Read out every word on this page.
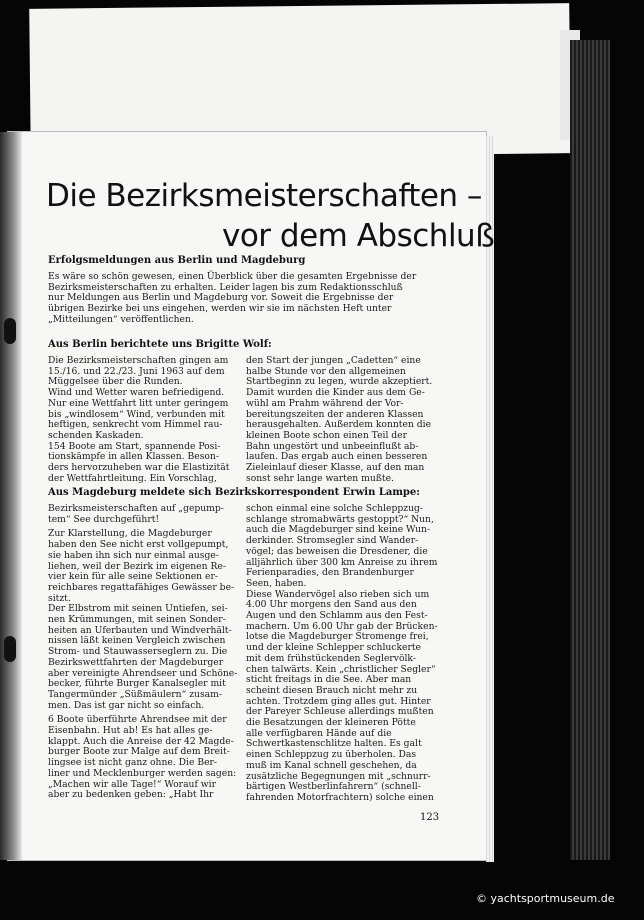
Die Bezirksmeisterschaften –
vor dem Abschluß
Erfolgsmeldungen aus Berlin und Magdeburg
Es wäre so schön gewesen, einen Überblick über die gesamten Ergebnisse der
Bezirksmeisterschaften zu erhalten. Leider lagen bis zum Redaktionsschluß
nur Meldungen aus Berlin und Magdeburg vor. Soweit die Ergebnisse der
übrigen Bezirke bei uns eingehen, werden wir sie im nächsten Heft unter
„Mitteilungen“ veröffentlichen.
Aus Berlin berichtete uns Brigitte Wolf:
Die Bezirksmeisterschaften gingen am
15./16. und 22./23. Juni 1963 auf dem
Müggelsee über die Runden.
Wind und Wetter waren befriedigend.
Nur eine Wettfahrt litt unter geringem
bis „windlosem“ Wind, verbunden mit
heftigen, senkrecht vom Himmel rau-
schenden Kaskaden.
154 Boote am Start, spannende Posi-
tionskämpfe in allen Klassen. Beson-
ders hervorzuheben war die Elastizität
der Wettfahrtleitung. Ein Vorschlag,
den Start der jungen „Cadetten“ eine
halbe Stunde vor den allgemeinen
Startbeginn zu legen, wurde akzeptiert.
Damit wurden die Kinder aus dem Ge-
wühl am Prahm während der Vor-
bereitungszeiten der anderen Klassen
herausgehalten. Außerdem konnten die
kleinen Boote schon einen Teil der
Bahn ungestört und unbeeinflußt ab-
laufen. Das ergab auch einen besseren
Zieleinlauf dieser Klasse, auf den man
sonst sehr lange warten mußte.
Aus Magdeburg meldete sich Bezirkskorrespondent Erwin Lampe:
Bezirksmeisterschaften auf „gepump-
tem“ See durchgeführt!
Zur Klarstellung, die Magdeburger
haben den See nicht erst vollgepumpt,
sie haben ihn sich nur einmal ausge-
liehen, weil der Bezirk im eigenen Re-
vier kein für alle seine Sektionen er-
reichbares regattafähiges Gewässer be-
sitzt.
Der Elbstrom mit seinen Untiefen, sei-
nen Krümmungen, mit seinen Sonder-
heiten an Uferbauten und Windverhält-
nissen läßt keinen Vergleich zwischen
Strom- und Stauwasserseglern zu. Die
Bezirkswettfahrten der Magdeburger
aber vereinigte Ahrendseer und Schöne-
becker, führte Burger Kanalsegler mit
Tangermünder „Süßmäulern“ zusam-
men. Das ist gar nicht so einfach.
6 Boote überführte Ahrendsee mit der
Eisenbahn. Hut ab! Es hat alles ge-
klappt. Auch die Anreise der 42 Magde-
burger Boote zur Malge auf dem Breit-
lingsee ist nicht ganz ohne. Die Ber-
liner und Mecklenburger werden sagen:
„Machen wir alle Tage!“ Worauf wir
aber zu bedenken geben: „Habt Ihr
schon einmal eine solche Schleppzug-
schlange stromabwärts gestoppt?“ Nun,
auch die Magdeburger sind keine Wun-
derkinder. Stromsegler sind Wander-
vögel; das beweisen die Dresdener, die
alljährlich über 300 km Anreise zu ihrem
Ferienparadies, den Brandenburger
Seen, haben.
Diese Wandervögel also rieben sich um
4.00 Uhr morgens den Sand aus den
Augen und den Schlamm aus den Fest-
machern. Um 6.00 Uhr gab der Brücken-
lotse die Magdeburger Stromenge frei,
und der kleine Schlepper schluckerte
mit dem frühstückenden Seglervölk-
chen talwärts. Kein „christlicher Segler“
sticht freitags in die See. Aber man
scheint diesen Brauch nicht mehr zu
achten. Trotzdem ging alles gut. Hinter
der Pareyer Schleuse allerdings mußten
die Besatzungen der kleineren Pötte
alle verfügbaren Hände auf die
Schwertkastenschlitze halten. Es galt
einen Schleppzug zu überholen. Das
muß im Kanal schnell geschehen, da
zusätzliche Begegnungen mit „schnurr-
bärtigen Westberlinfahrern“ (schnell-
fahrenden Motorfrachtern) solche einen
123
© yachtsportmuseum.de
